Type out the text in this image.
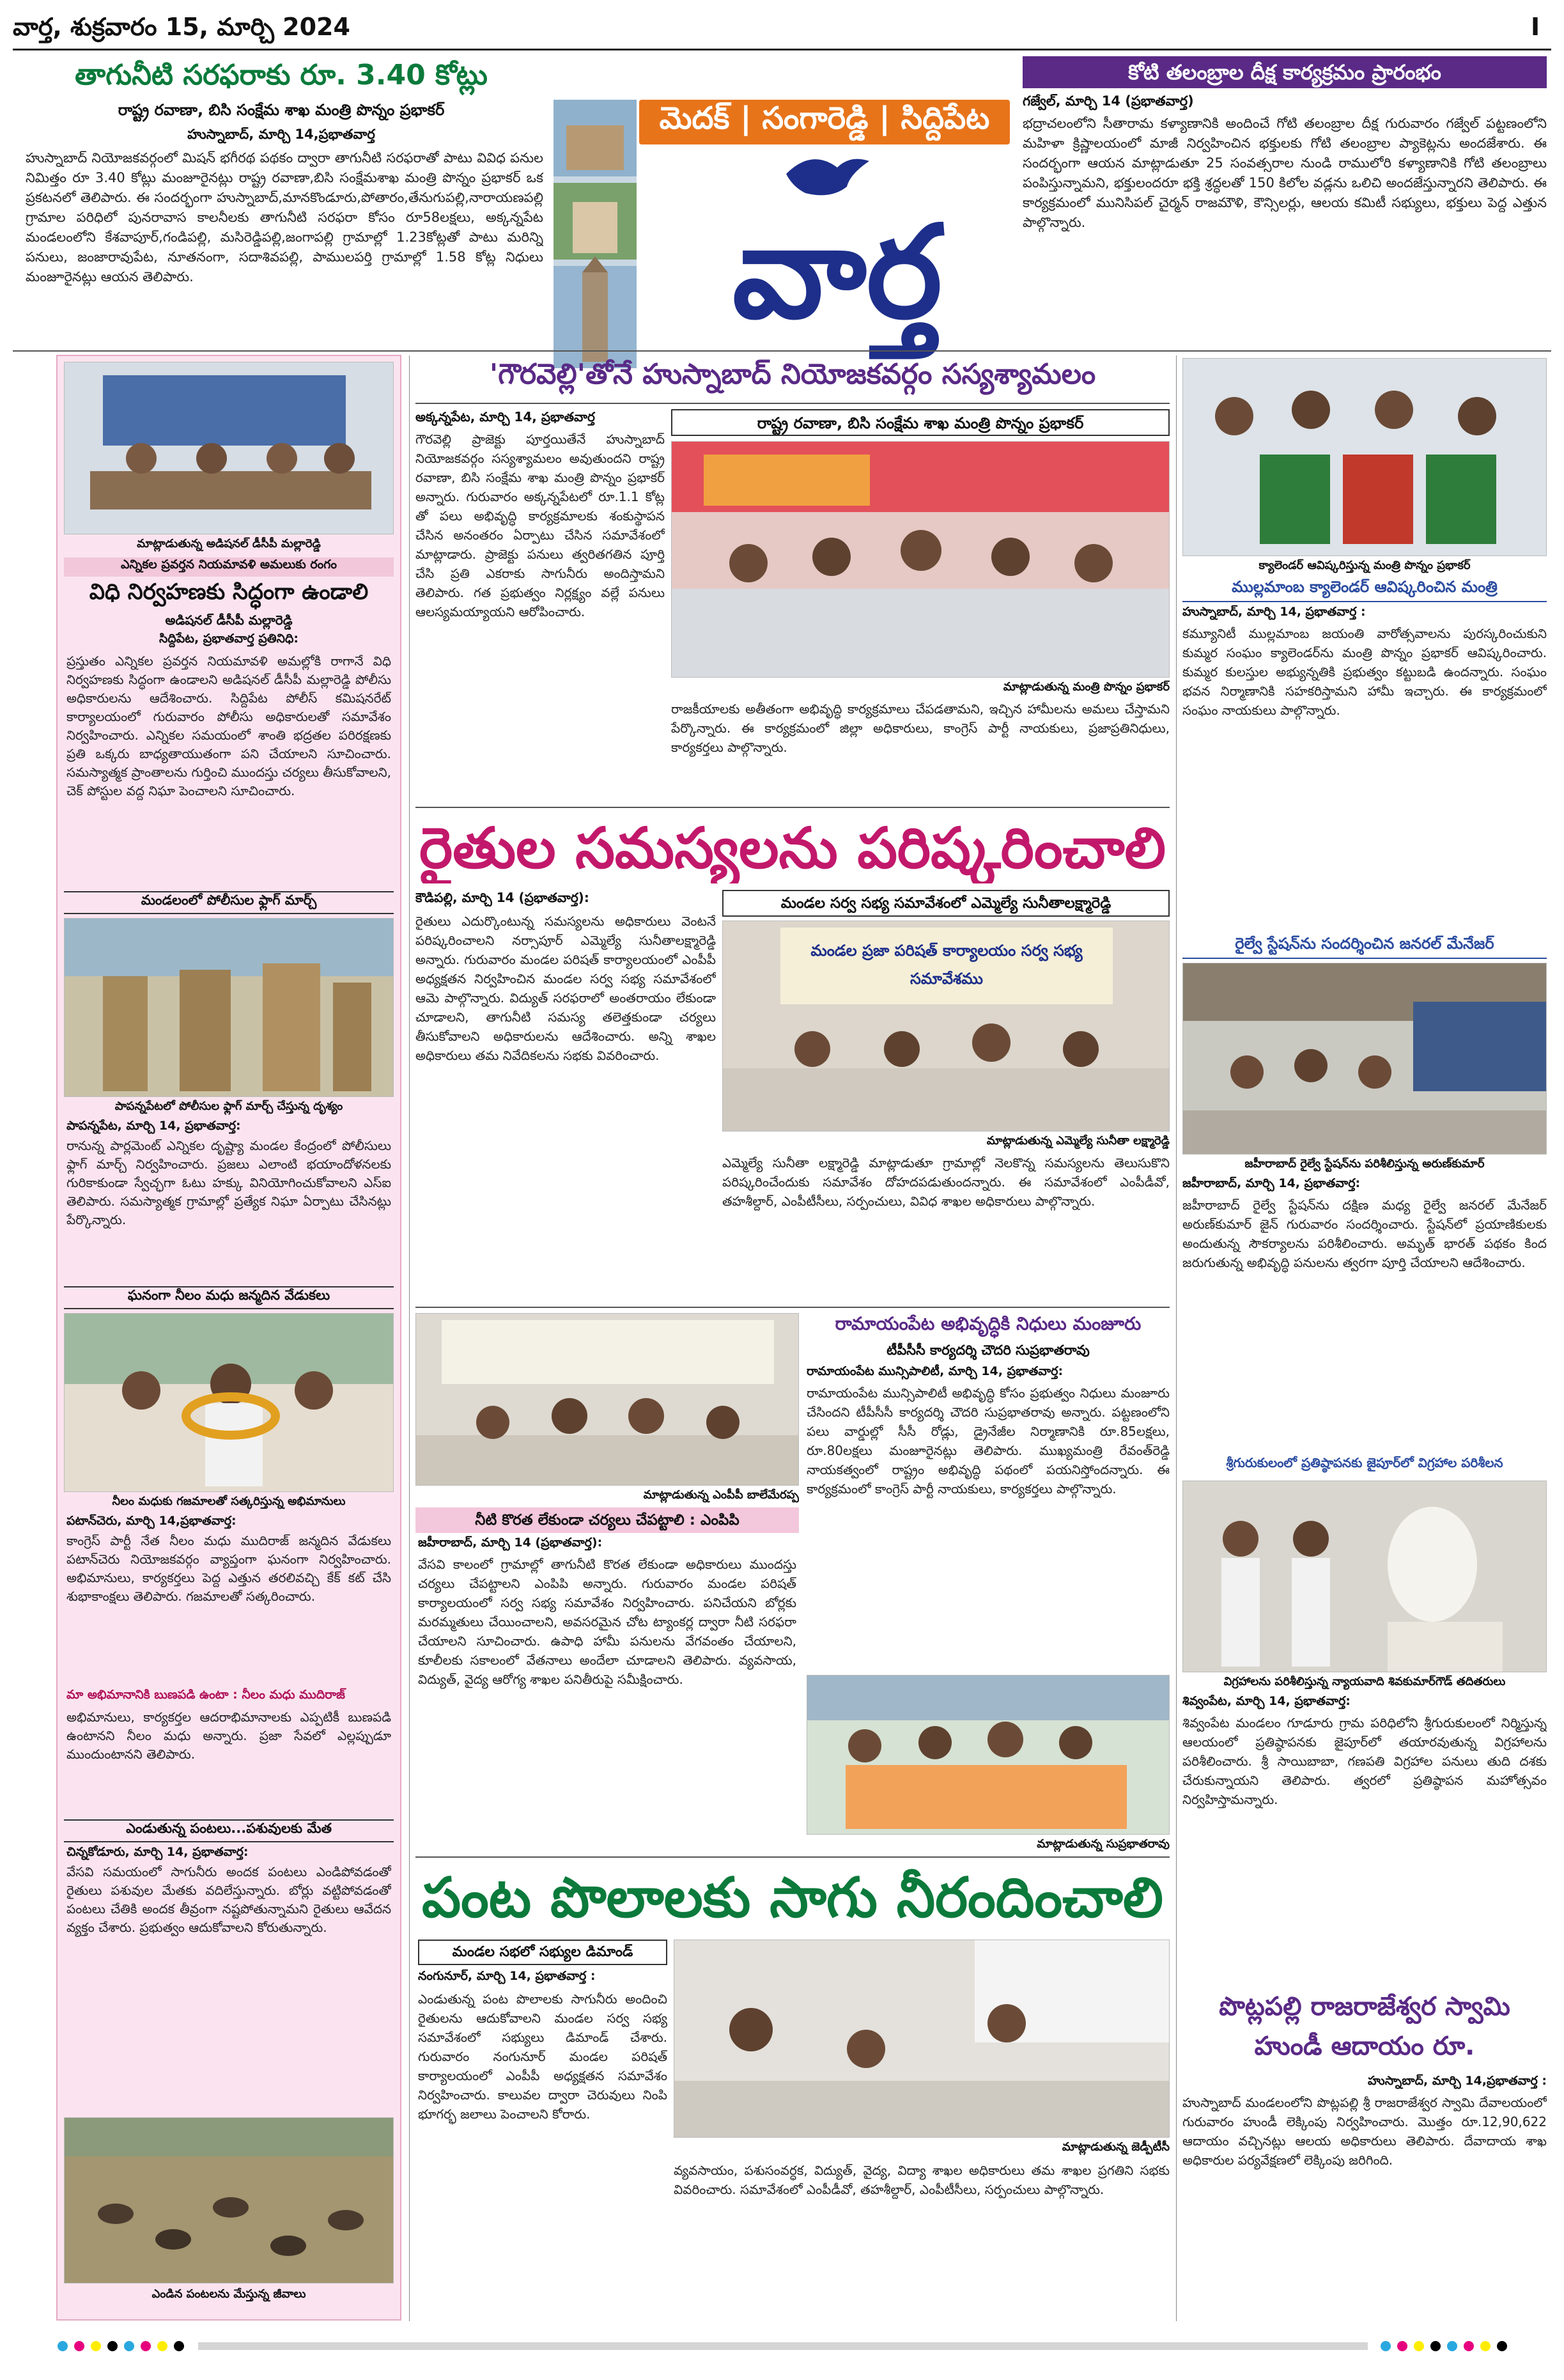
వార్త, శుక్రవారం 15, మార్చి 2024	I
తాగునీటి సరఫరాకు రూ. 3.40 కోట్లు
రాష్ట్ర రవాణా, బిసి సంక్షేమ శాఖ మంత్రి పొన్నం ప్రభాకర్
హుస్నాబాద్, మార్చి 14,ప్రభాతవార్త
హుస్నాబాద్ నియోజకవర్గంలో మిషన్ భగీరథ పథకం ద్వారా తాగునీటి సరఫరాతో పాటు వివిధ పనుల నిమిత్తం రూ 3.40 కోట్లు మంజూరైనట్లు రాష్ట్ర రవాణా,బిసి సంక్షేమశాఖ మంత్రి పొన్నం ప్రభాకర్ ఒక ప్రకటనలో తెలిపారు. ఈ సందర్భంగా హుస్నాబాద్,మానకొండూరు,పోతారం,తేనుగుపల్లి,నారాయణపల్లి గ్రామాల పరిధిలో పునరావాస కాలనీలకు తాగునీటి సరఫరా కోసం రూ58లక్షలు, అక్కన్నపేట మండలంలోని కేశవాపూర్,గండిపల్లి, మసిరెడ్డిపల్లి,జంగాపల్లి గ్రామాల్లో 1.23కోట్లతో పాటు మరిన్ని పనులు, జంజారావుపేట, నూతనంగా, సదాశివపల్లి, పాములపర్తి గ్రామాల్లో 1.58 కోట్ల నిధులు మంజూరైనట్లు ఆయన తెలిపారు.
మెదక్ | సంగారెడ్డి | సిద్దిపేట
వార్త
కోటి తలంబ్రాల దీక్ష కార్యక్రమం ప్రారంభం
గజ్వేల్, మార్చి 14 (ప్రభాతవార్త)
భద్రాచలంలోని సీతారామ కళ్యాణానికి అందించే గోటి తలంబ్రాల దీక్ష గురువారం గజ్వేల్ పట్టణంలోని మహిళా క్రిష్ణాలయంలో మాజీ నిర్వహించిన భక్తులకు గోటి తలంబ్రాల ప్యాకెట్లను అందజేశారు. ఈ సందర్భంగా ఆయన మాట్లాడుతూ 25 సంవత్సరాల నుండి రాములోరి కళ్యాణానికి గోటి తలంబ్రాలు పంపిస్తున్నామని, భక్తులందరూ భక్తి శ్రద్ధలతో 150 కిలోల వడ్లను ఒలిచి అందజేస్తున్నారని తెలిపారు. ఈ కార్యక్రమంలో మునిసిపల్ చైర్మన్ రాజమౌళి, కౌన్సిలర్లు, ఆలయ కమిటీ సభ్యులు, భక్తులు పెద్ద ఎత్తున పాల్గొన్నారు.
మాట్లాడుతున్న అడిషనల్ డీసీపీ మల్లారెడ్డి
ఎన్నికల ప్రవర్తన నియమావళి అమలుకు రంగం
విధి నిర్వహణకు సిద్ధంగా ఉండాలి
అడిషనల్ డీసీపీ మల్లారెడ్డి
సిద్దిపేట, ప్రభాతవార్త ప్రతినిధి:
ప్రస్తుతం ఎన్నికల ప్రవర్తన నియమావళి అమల్లోకి రాగానే విధి నిర్వహణకు సిద్ధంగా ఉండాలని అడిషనల్ డీసీపీ మల్లారెడ్డి పోలీసు అధికారులను ఆదేశించారు. సిద్దిపేట పోలీస్ కమిషనరేట్ కార్యాలయంలో గురువారం పోలీసు అధికారులతో సమావేశం నిర్వహించారు. ఎన్నికల సమయంలో శాంతి భద్రతల పరిరక్షణకు ప్రతి ఒక్కరు బాధ్యతాయుతంగా పని చేయాలని సూచించారు. సమస్యాత్మక ప్రాంతాలను గుర్తించి ముందస్తు చర్యలు తీసుకోవాలని, చెక్ పోస్టుల వద్ద నిఘా పెంచాలని సూచించారు.
మండలంలో పోలీసుల ఫ్లాగ్ మార్చ్
పాపన్నపేటలో పోలీసుల ఫ్లాగ్ మార్చ్ చేస్తున్న దృశ్యం
పాపన్నపేట, మార్చి 14, ప్రభాతవార్త:
రానున్న పార్లమెంట్ ఎన్నికల దృష్ట్యా మండల కేంద్రంలో పోలీసులు ఫ్లాగ్ మార్చ్ నిర్వహించారు. ప్రజలు ఎలాంటి భయాందోళనలకు గురికాకుండా స్వేచ్ఛగా ఓటు హక్కు వినియోగించుకోవాలని ఎస్ఐ తెలిపారు. సమస్యాత్మక గ్రామాల్లో ప్రత్యేక నిఘా ఏర్పాటు చేసినట్లు పేర్కొన్నారు.
ఘనంగా నీలం మధు జన్మదిన వేడుకలు
నీలం మధుకు గజమాలతో సత్కరిస్తున్న అభిమానులు
పటాన్‌చెరు, మార్చి 14,ప్రభాతవార్త:
కాంగ్రెస్ పార్టీ నేత నీలం మధు ముదిరాజ్ జన్మదిన వేడుకలు పటాన్‌చెరు నియోజకవర్గం వ్యాప్తంగా ఘనంగా నిర్వహించారు. అభిమానులు, కార్యకర్తలు పెద్ద ఎత్తున తరలివచ్చి కేక్ కట్ చేసి శుభాకాంక్షలు తెలిపారు. గజమాలతో సత్కరించారు.
మా అభిమానానికి బుణపడి ఉంటా : నీలం మధు ముదిరాజ్
అభిమానులు, కార్యకర్తల ఆదరాభిమానాలకు ఎప్పటికీ బుణపడి ఉంటానని నీలం మధు అన్నారు. ప్రజా సేవలో ఎల్లప్పుడూ ముందుంటానని తెలిపారు.
ఎండుతున్న పంటలు...పశువులకు మేత
చిన్నకోడూరు, మార్చి 14, ప్రభాతవార్త:
వేసవి సమయంలో సాగునీరు అందక పంటలు ఎండిపోవడంతో రైతులు పశువుల మేతకు వదిలేస్తున్నారు. బోర్లు వట్టిపోవడంతో పంటలు చేతికి అందక తీవ్రంగా నష్టపోతున్నామని రైతులు ఆవేదన వ్యక్తం చేశారు. ప్రభుత్వం ఆదుకోవాలని కోరుతున్నారు.
ఎండిన పంటలను మేస్తున్న జీవాలు
'గౌరవెల్లి'తోనే హుస్నాబాద్ నియోజకవర్గం సస్యశ్యామలం
అక్కన్నపేట, మార్చి 14, ప్రభాతవార్త
గౌరవెల్లి ప్రాజెక్టు పూర్తయితేనే హుస్నాబాద్ నియోజకవర్గం సస్యశ్యామలం అవుతుందని రాష్ట్ర రవాణా, బిసి సంక్షేమ శాఖ మంత్రి పొన్నం ప్రభాకర్ అన్నారు. గురువారం అక్కన్నపేటలో రూ.1.1 కోట్ల తో పలు అభివృద్ధి కార్యక్రమాలకు శంకుస్థాపన చేసిన అనంతరం ఏర్పాటు చేసిన సమావేశంలో మాట్లాడారు. ప్రాజెక్టు పనులు త్వరితగతిన పూర్తి చేసి ప్రతి ఎకరాకు సాగునీరు అందిస్తామని తెలిపారు. గత ప్రభుత్వం నిర్లక్ష్యం వల్లే పనులు ఆలస్యమయ్యాయని ఆరోపించారు.
రాష్ట్ర రవాణా, బిసి సంక్షేమ శాఖ మంత్రి పొన్నం ప్రభాకర్
మాట్లాడుతున్న మంత్రి పొన్నం ప్రభాకర్
రాజకీయాలకు అతీతంగా అభివృద్ధి కార్యక్రమాలు చేపడతామని, ఇచ్చిన హామీలను అమలు చేస్తామని పేర్కొన్నారు. ఈ కార్యక్రమంలో జిల్లా అధికారులు, కాంగ్రెస్ పార్టీ నాయకులు, ప్రజాప్రతినిధులు, కార్యకర్తలు పాల్గొన్నారు.
రైతుల సమస్యలను పరిష్కరించాలి
కౌడిపల్లి, మార్చి 14 (ప్రభాతవార్త):
రైతులు ఎదుర్కొంటున్న సమస్యలను అధికారులు వెంటనే పరిష్కరించాలని నర్సాపూర్ ఎమ్మెల్యే సునీతాలక్ష్మారెడ్డి అన్నారు. గురువారం మండల పరిషత్ కార్యాలయంలో ఎంపీపీ అధ్యక్షతన నిర్వహించిన మండల సర్వ సభ్య సమావేశంలో ఆమె పాల్గొన్నారు. విద్యుత్ సరఫరాలో అంతరాయం లేకుండా చూడాలని, తాగునీటి సమస్య తలెత్తకుండా చర్యలు తీసుకోవాలని అధికారులను ఆదేశించారు. అన్ని శాఖల అధికారులు తమ నివేదికలను సభకు వివరించారు.
మండల సర్వ సభ్య సమావేశంలో ఎమ్మెల్యే సునీతాలక్ష్మారెడ్డి
మండల ప్రజా పరిషత్ కార్యాలయం సర్వ సభ్య సమావేశము
మాట్లాడుతున్న ఎమ్మెల్యే సునీతా లక్ష్మారెడ్డి
ఎమ్మెల్యే సునీతా లక్ష్మారెడ్డి మాట్లాడుతూ గ్రామాల్లో నెలకొన్న సమస్యలను తెలుసుకొని పరిష్కరించేందుకు సమావేశం దోహదపడుతుందన్నారు. ఈ సమావేశంలో ఎంపీడీవో, తహశీల్దార్, ఎంపీటీసీలు, సర్పంచులు, వివిధ శాఖల అధికారులు పాల్గొన్నారు.
మాట్లాడుతున్న ఎంపీపీ బాలేమేరప్ప
నీటి కొరత లేకుండా చర్యలు చేపట్టాలి : ఎంపిపి
జహీరాబాద్, మార్చి 14 (ప్రభాతవార్త):
వేసవి కాలంలో గ్రామాల్లో తాగునీటి కొరత లేకుండా అధికారులు ముందస్తు చర్యలు చేపట్టాలని ఎంపిపి అన్నారు. గురువారం మండల పరిషత్ కార్యాలయంలో సర్వ సభ్య సమావేశం నిర్వహించారు. పనిచేయని బోర్లకు మరమ్మతులు చేయించాలని, అవసరమైన చోట ట్యాంకర్ల ద్వారా నీటి సరఫరా చేయాలని సూచించారు. ఉపాధి హామీ పనులను వేగవంతం చేయాలని, కూలీలకు సకాలంలో వేతనాలు అందేలా చూడాలని తెలిపారు. వ్యవసాయ, విద్యుత్, వైద్య ఆరోగ్య శాఖల పనితీరుపై సమీక్షించారు.
రామాయంపేట అభివృద్ధికి నిధులు మంజూరు
టీపీసీసీ కార్యదర్శి చౌదరి సుప్రభాతరావు
రామాయంపేట మున్సిపాలిటీ, మార్చి 14, ప్రభాతవార్త:
రామాయంపేట మున్సిపాలిటీ అభివృద్ధి కోసం ప్రభుత్వం నిధులు మంజూరు చేసిందని టీపీసీసీ కార్యదర్శి చౌదరి సుప్రభాతరావు అన్నారు. పట్టణంలోని పలు వార్డుల్లో సీసీ రోడ్లు, డ్రైనేజీల నిర్మాణానికి రూ.85లక్షలు, రూ.80లక్షలు మంజూరైనట్లు తెలిపారు. ముఖ్యమంత్రి రేవంత్‌రెడ్డి నాయకత్వంలో రాష్ట్రం అభివృద్ధి పథంలో పయనిస్తోందన్నారు. ఈ కార్యక్రమంలో కాంగ్రెస్ పార్టీ నాయకులు, కార్యకర్తలు పాల్గొన్నారు.
మాట్లాడుతున్న సుప్రభాతరావు
పంట పొలాలకు సాగు నీరందించాలి
మండల సభలో సభ్యుల డిమాండ్
నంగునూర్, మార్చి 14, ప్రభాతవార్త :
ఎండుతున్న పంట పొలాలకు సాగునీరు అందించి రైతులను ఆదుకోవాలని మండల సర్వ సభ్య సమావేశంలో సభ్యులు డిమాండ్ చేశారు. గురువారం నంగునూర్ మండల పరిషత్ కార్యాలయంలో ఎంపీపీ అధ్యక్షతన సమావేశం నిర్వహించారు. కాలువల ద్వారా చెరువులు నింపి భూగర్భ జలాలు పెంచాలని కోరారు.
మాట్లాడుతున్న జెడ్పీటీసీ
వ్యవసాయం, పశుసంవర్ధక, విద్యుత్, వైద్య, విద్యా శాఖల అధికారులు తమ శాఖల ప్రగతిని సభకు వివరించారు. సమావేశంలో ఎంపీడీవో, తహశీల్దార్, ఎంపీటీసీలు, సర్పంచులు పాల్గొన్నారు.
క్యాలెండర్ ఆవిష్కరిస్తున్న మంత్రి పొన్నం ప్రభాకర్
ముల్లమాంబ క్యాలెండర్ ఆవిష్కరించిన మంత్రి
హుస్నాబాద్, మార్చి 14, ప్రభాతవార్త :
కమ్యూనిటీ ముల్లమాంబ జయంతి వారోత్సవాలను పురస్కరించుకుని కుమ్మర సంఘం క్యాలెండర్‌ను మంత్రి పొన్నం ప్రభాకర్ ఆవిష్కరించారు. కుమ్మర కులస్తుల అభ్యున్నతికి ప్రభుత్వం కట్టుబడి ఉందన్నారు. సంఘం భవన నిర్మాణానికి సహకరిస్తామని హామీ ఇచ్చారు. ఈ కార్యక్రమంలో సంఘం నాయకులు పాల్గొన్నారు.
రైల్వే స్టేషన్‌ను సందర్శించిన జనరల్ మేనేజర్
జహీరాబాద్ రైల్వే స్టేషన్‌ను పరిశీలిస్తున్న అరుణ్‌కుమార్
జహీరాబాద్, మార్చి 14, ప్రభాతవార్త:
జహీరాబాద్ రైల్వే స్టేషన్‌ను దక్షిణ మధ్య రైల్వే జనరల్ మేనేజర్ అరుణ్‌కుమార్ జైన్ గురువారం సందర్శించారు. స్టేషన్‌లో ప్రయాణికులకు అందుతున్న సౌకర్యాలను పరిశీలించారు. అమృత్ భారత్ పథకం కింద జరుగుతున్న అభివృద్ధి పనులను త్వరగా పూర్తి చేయాలని ఆదేశించారు.
శ్రీగురుకులంలో ప్రతిష్ఠాపనకు జైపూర్‌లో విగ్రహాల పరిశీలన
విగ్రహాలను పరిశీలిస్తున్న న్యాయవాది శివకుమార్‌గౌడ్ తదితరులు
శివ్వంపేట, మార్చి 14, ప్రభాతవార్త:
శివ్వంపేట మండలం గూడూరు గ్రామ పరిధిలోని శ్రీగురుకులంలో నిర్మిస్తున్న ఆలయంలో ప్రతిష్ఠాపనకు జైపూర్‌లో తయారవుతున్న విగ్రహాలను పరిశీలించారు. శ్రీ సాయిబాబా, గణపతి విగ్రహాల పనులు తుది దశకు చేరుకున్నాయని తెలిపారు. త్వరలో ప్రతిష్ఠాపన మహోత్సవం నిర్వహిస్తామన్నారు.
పొట్లపల్లి రాజరాజేశ్వర స్వామి హుండీ ఆదాయం రూ.
హుస్నాబాద్, మార్చి 14,ప్రభాతవార్త :
హుస్నాబాద్ మండలంలోని పొట్లపల్లి శ్రీ రాజరాజేశ్వర స్వామి దేవాలయంలో గురువారం హుండీ లెక్కింపు నిర్వహించారు. మొత్తం రూ.12,90,622 ఆదాయం వచ్చినట్లు ఆలయ అధికారులు తెలిపారు. దేవాదాయ శాఖ అధికారుల పర్యవేక్షణలో లెక్కింపు జరిగింది.
